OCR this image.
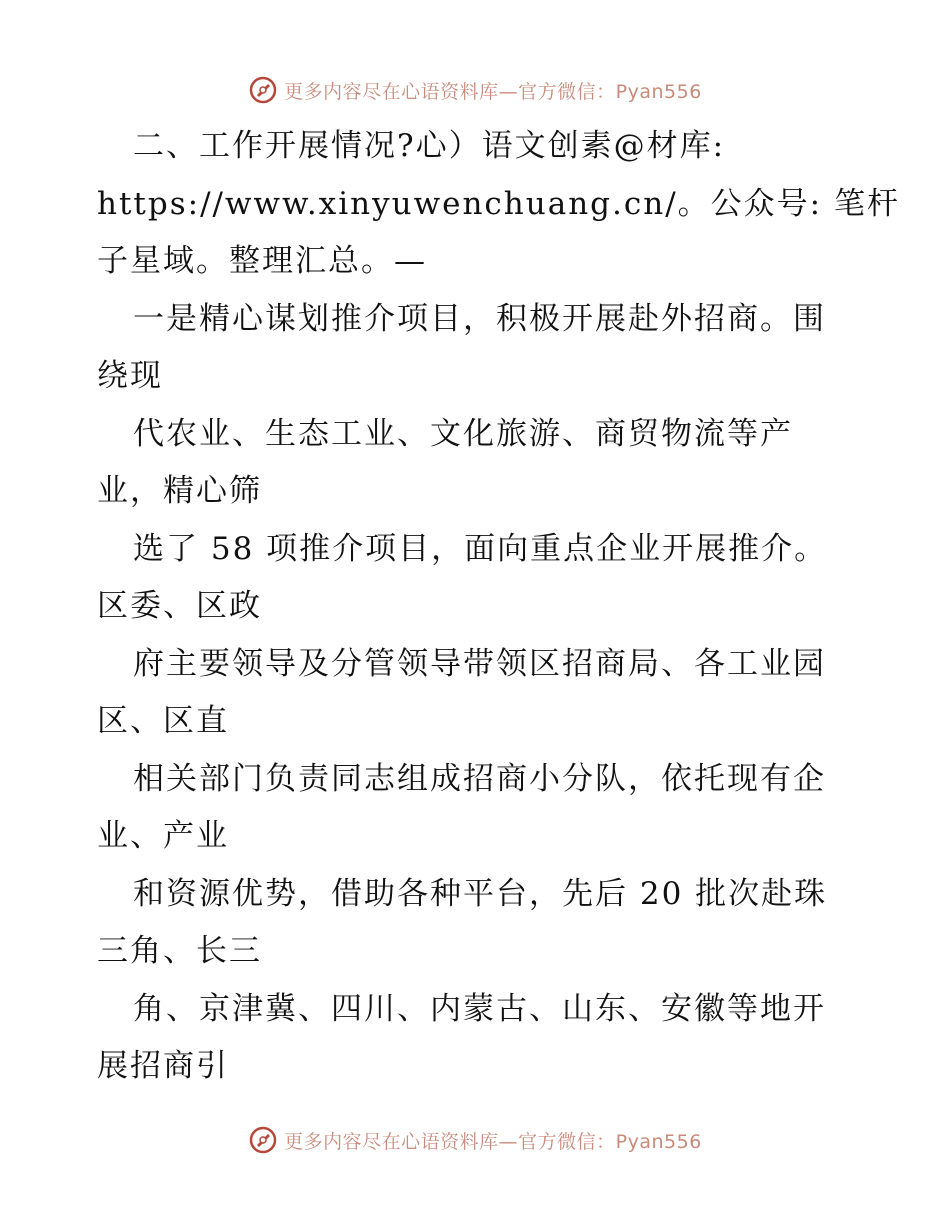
更多内容尽在心语资料库—官方微信：Pyan556
二、工作开展情况?心）语文创素@材库:
https://www.xinyuwenchuang.cn/。公众号: 笔杆
子星域。整理汇总。—
一是精心谋划推介项目，积极开展赴外招商。围
绕现
代农业、生态工业、文化旅游、商贸物流等产
业，精心筛
选了 58 项推介项目，面向重点企业开展推介。
区委、区政
府主要领导及分管领导带领区招商局、各工业园
区、区直
相关部门负责同志组成招商小分队，依托现有企
业、产业
和资源优势，借助各种平台，先后 20 批次赴珠
三角、长三
角、京津冀、四川、内蒙古、山东、安徽等地开
展招商引
更多内容尽在心语资料库—官方微信：Pyan556
